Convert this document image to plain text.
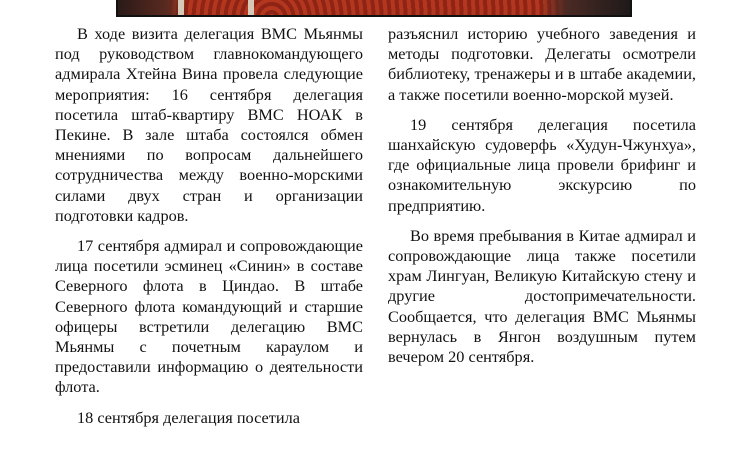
В ходе визита делегация ВМС Мьянмы под руководством главнокомандующего адмирала Хтейна Вина провела следующие мероприятия: 16 сентября делегация посетила штаб-квартиру ВМС НОАК в Пекине. В зале штаба состоялся обмен мнениями по вопросам дальнейшего сотрудничества между военно-морскими силами двух стран и организации подготовки кадров.

17 сентября адмирал и сопровождающие лица посетили эсминец «Синин» в составе Северного флота в Циндао. В штабе Северного флота командующий и старшие офицеры встретили делегацию ВМС Мьянмы с почетным караулом и предоставили информацию о деятельности флота.

18 сентября делегация посетила

разъяснил историю учебного заведения и методы подготовки. Делегаты осмотрели библиотеку, тренажеры и в штабе академии, а также посетили военно-морской музей.

19 сентября делегация посетила шанхайскую судоверфь «Худун-Чжунхуа», где официальные лица провели брифинг и ознакомительную экскурсию по предприятию.

Во время пребывания в Китае адмирал и сопровождающие лица также посетили храм Лингуан, Великую Китайскую стену и другие достопримечательности. Сообщается, что делегация ВМС Мьянмы вернулась в Янгон воздушным путем вечером 20 сентября.
